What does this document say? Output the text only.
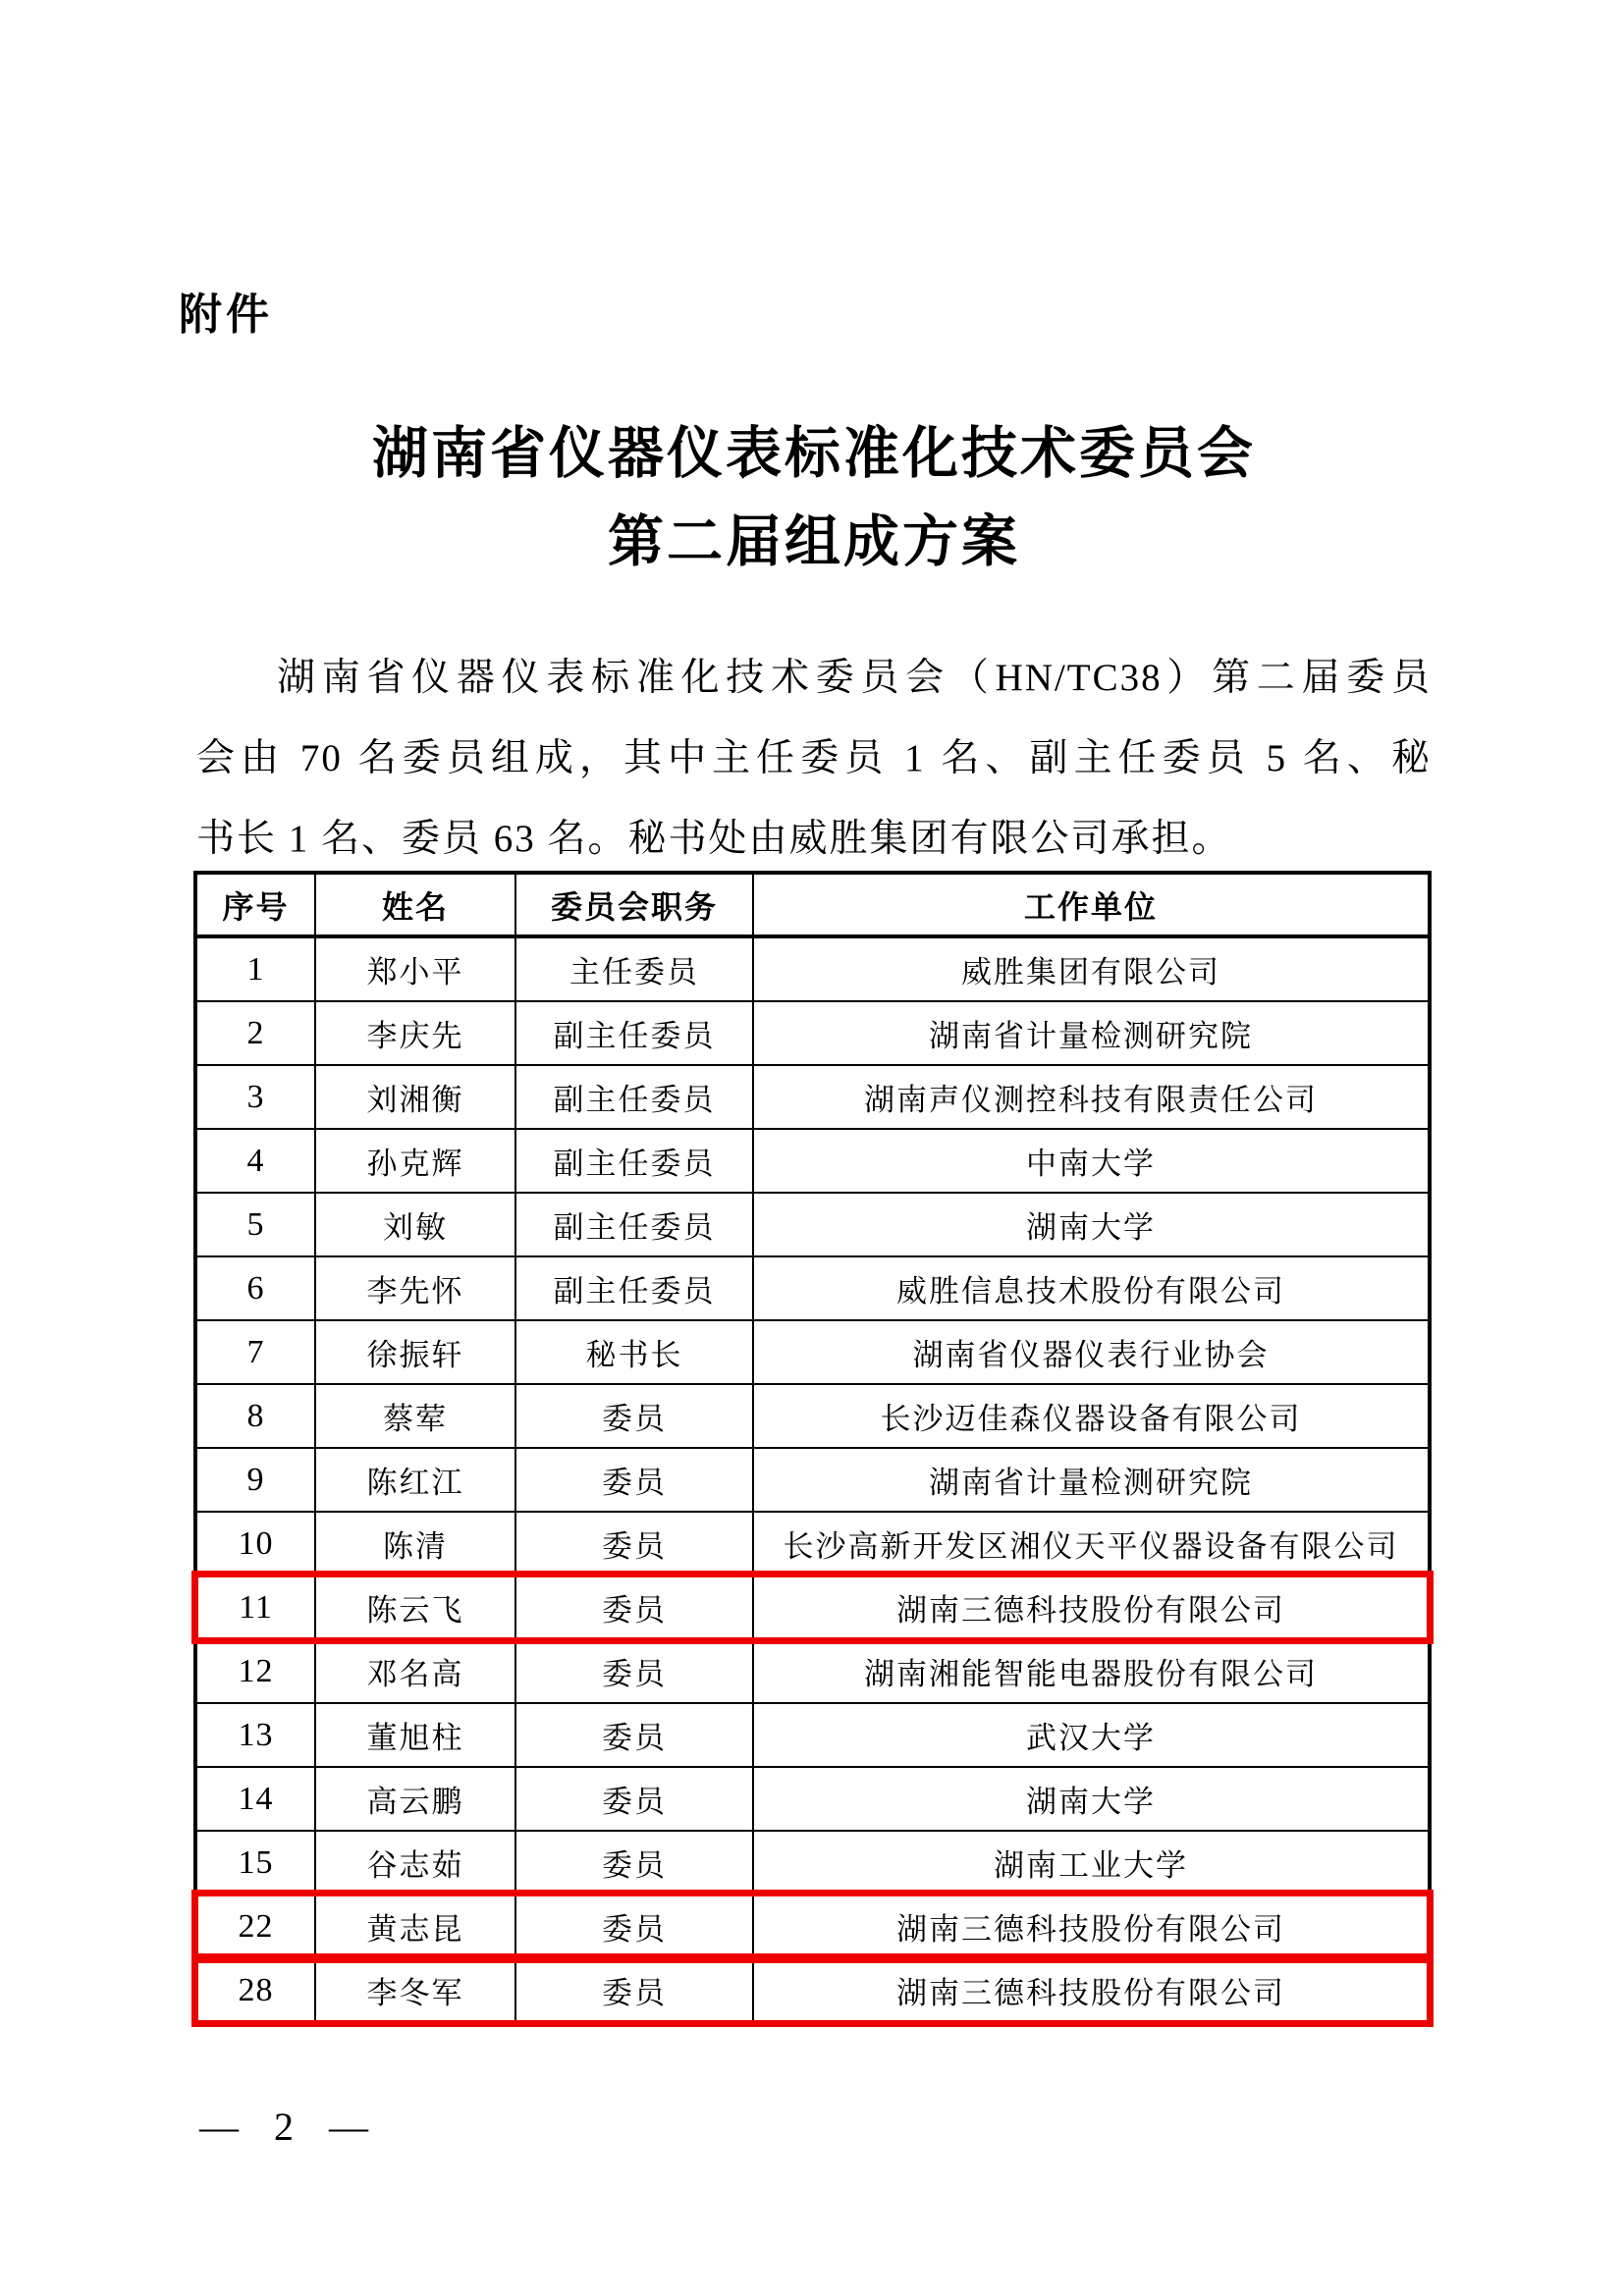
附件
湖南省仪器仪表标准化技术委员会
第二届组成方案
湖南省仪器仪表标准化技术委员会（HN/TC38）第二届委员
会由 70 名委员组成，其中主任委员 1 名、副主任委员 5 名、秘
书长 1 名、委员 63 名。秘书处由威胜集团有限公司承担。
序号	姓名	委员会职务	工作单位
1	郑小平	主任委员	威胜集团有限公司
2	李庆先	副主任委员	湖南省计量检测研究院
3	刘湘衡	副主任委员	湖南声仪测控科技有限责任公司
4	孙克辉	副主任委员	中南大学
5	刘敏	副主任委员	湖南大学
6	李先怀	副主任委员	威胜信息技术股份有限公司
7	徐振轩	秘书长	湖南省仪器仪表行业协会
8	蔡荤	委员	长沙迈佳森仪器设备有限公司
9	陈红江	委员	湖南省计量检测研究院
10	陈清	委员	长沙高新开发区湘仪天平仪器设备有限公司
11	陈云飞	委员	湖南三德科技股份有限公司
12	邓名高	委员	湖南湘能智能电器股份有限公司
13	董旭柱	委员	武汉大学
14	高云鹏	委员	湖南大学
15	谷志茹	委员	湖南工业大学
22	黄志昆	委员	湖南三德科技股份有限公司
28	李冬军	委员	湖南三德科技股份有限公司
— 2 —
